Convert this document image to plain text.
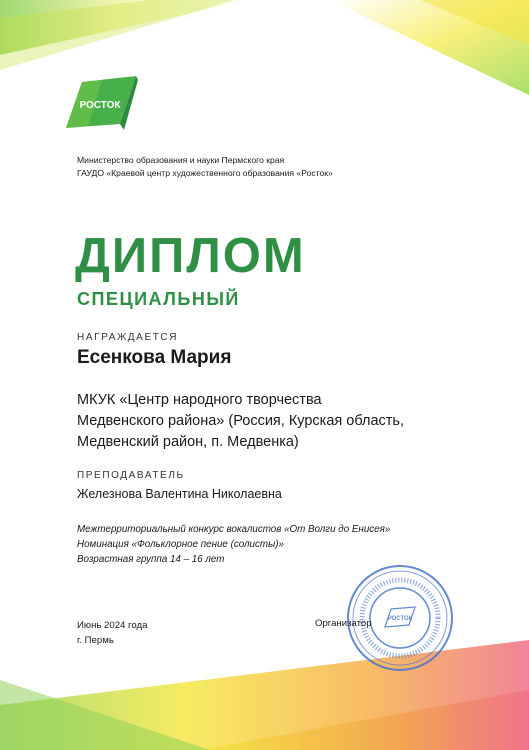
РОСТОК
Министерство образования и науки Пермского края
ГАУДО «Краевой центр художественного образования «Росток»
ДИПЛОМ
СПЕЦИАЛЬНЫЙ
НАГРАЖДАЕТСЯ
Есенкова Мария
МКУК «Центр народного творчества Медвенского района» (Россия, Курская область, Медвенский район, п. Медвенка)
ПРЕПОДАВАТЕЛЬ
Железнова Валентина Николаевна
Межтерриториальный конкурс вокалистов «От Волги до Енисея»
Номинация «Фольклорное пение (солисты)»
Возрастная группа 14 – 16 лет
Июнь 2024 года
г. Пермь
РОСТОК
Организатор
